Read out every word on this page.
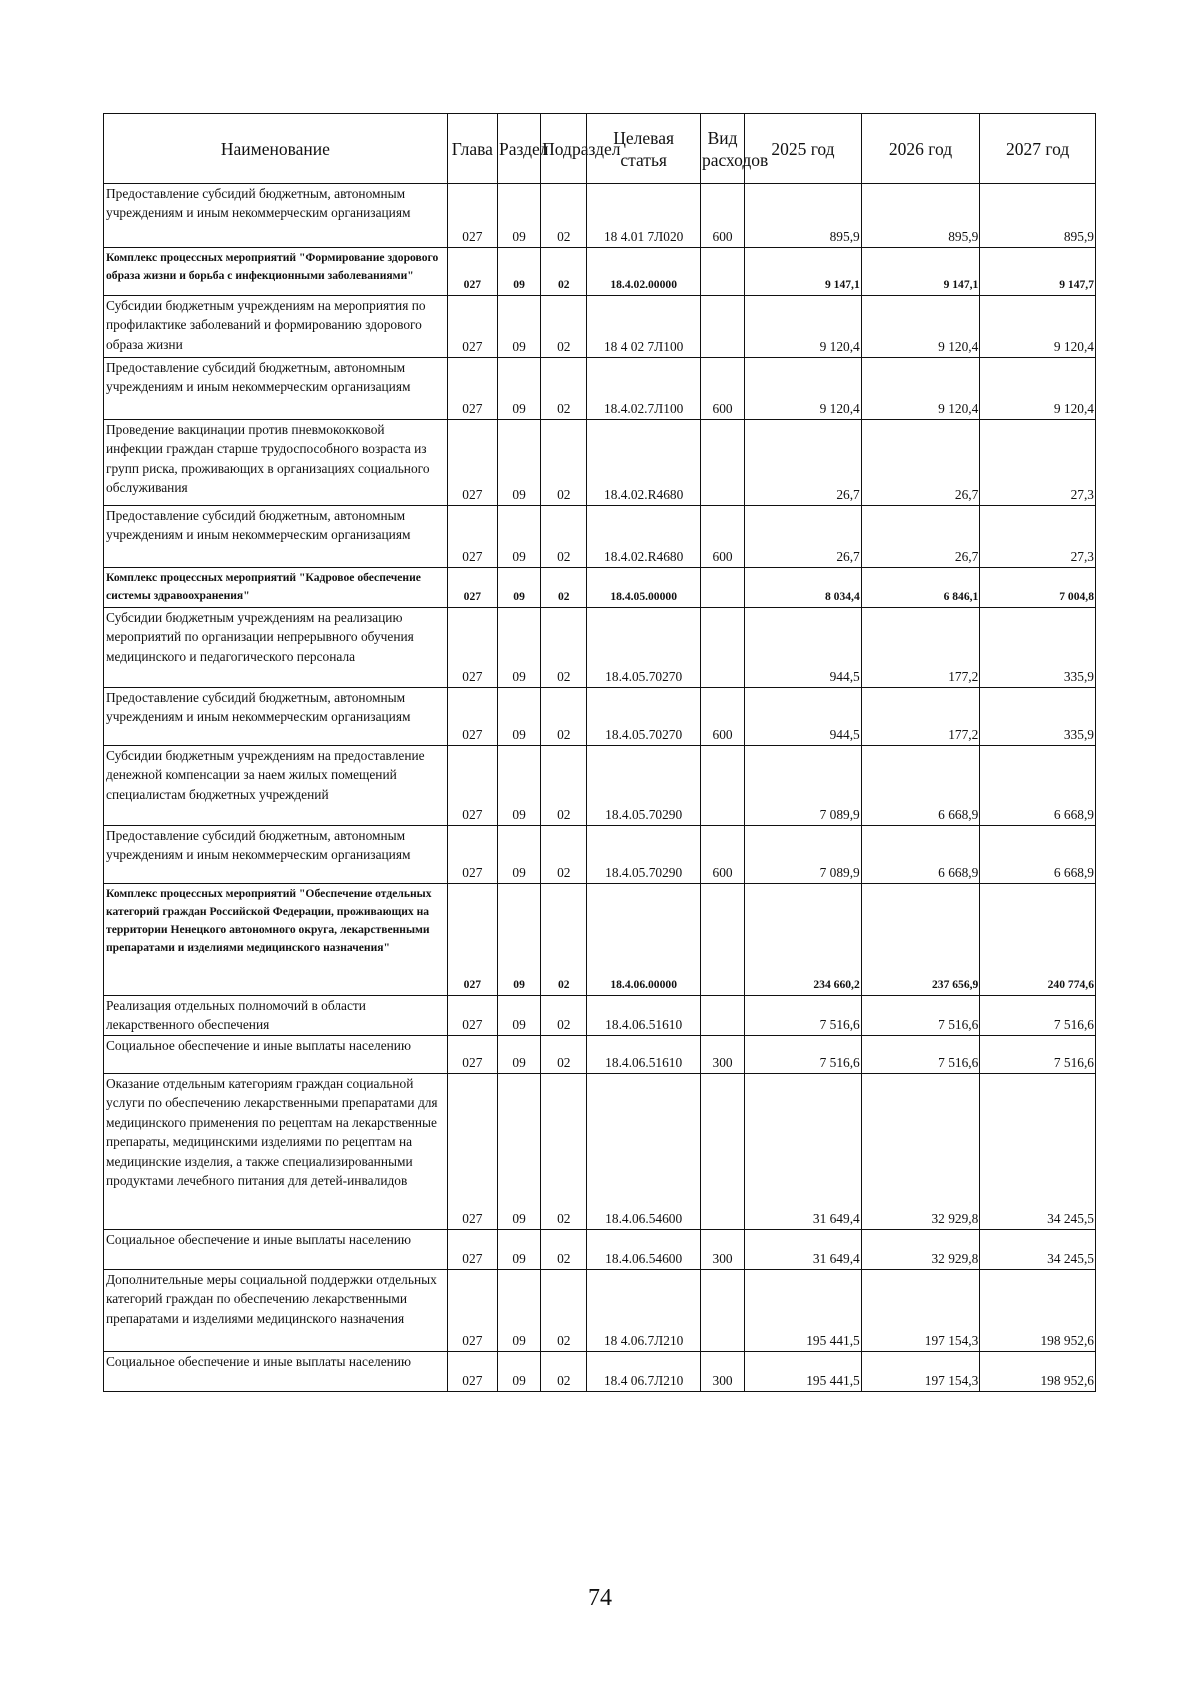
Наименование	Глава	Раздел	Подраздел	Целевая статья	Вид расходов	2025 год	2026 год	2027 год
Предоставление субсидий бюджетным, автономным учреждениям и иным некоммерческим организациям	027	09	02	18 4.01 7Л020	600	895,9	895,9	895,9
Комплекс процессных мероприятий "Формирование здорового образа жизни и борьба с инфекционными заболеваниями"	027	09	02	18.4.02.00000		9 147,1	9 147,1	9 147,7
Субсидии бюджетным учреждениям на мероприятия по профилактике заболеваний и формированию здорового образа жизни	027	09	02	18 4 02 7Л100		9 120,4	9 120,4	9 120,4
Предоставление субсидий бюджетным, автономным учреждениям и иным некоммерческим организациям	027	09	02	18.4.02.7Л100	600	9 120,4	9 120,4	9 120,4
Проведение вакцинации против пневмококковой инфекции граждан старше трудоспособного возраста из групп риска, проживающих в организациях социального обслуживания	027	09	02	18.4.02.R4680		26,7	26,7	27,3
Предоставление субсидий бюджетным, автономным учреждениям и иным некоммерческим организациям	027	09	02	18.4.02.R4680	600	26,7	26,7	27,3
Комплекс процессных мероприятий "Кадровое обеспечение системы здравоохранения"	027	09	02	18.4.05.00000		8 034,4	6 846,1	7 004,8
Субсидии бюджетным учреждениям на реализацию мероприятий по организации непрерывного обучения медицинского и педагогического персонала	027	09	02	18.4.05.70270		944,5	177,2	335,9
Предоставление субсидий бюджетным, автономным учреждениям и иным некоммерческим организациям	027	09	02	18.4.05.70270	600	944,5	177,2	335,9
Субсидии бюджетным учреждениям на предоставление денежной компенсации за наем жилых помещений специалистам бюджетных учреждений	027	09	02	18.4.05.70290		7 089,9	6 668,9	6 668,9
Предоставление субсидий бюджетным, автономным учреждениям и иным некоммерческим организациям	027	09	02	18.4.05.70290	600	7 089,9	6 668,9	6 668,9
Комплекс процессных мероприятий "Обеспечение отдельных категорий граждан Российской Федерации, проживающих на территории Ненецкого автономного округа, лекарственными препаратами и изделиями медицинского назначения"	027	09	02	18.4.06.00000		234 660,2	237 656,9	240 774,6
Реализация отдельных полномочий в области лекарственного обеспечения	027	09	02	18.4.06.51610		7 516,6	7 516,6	7 516,6
Социальное обеспечение и иные выплаты населению	027	09	02	18.4.06.51610	300	7 516,6	7 516,6	7 516,6
Оказание отдельным категориям граждан социальной услуги по обеспечению лекарственными препаратами для медицинского применения по рецептам на лекарственные препараты, медицинскими изделиями по рецептам на медицинские изделия, а также специализированными продуктами лечебного питания для детей-инвалидов	027	09	02	18.4.06.54600		31 649,4	32 929,8	34 245,5
Социальное обеспечение и иные выплаты населению	027	09	02	18.4.06.54600	300	31 649,4	32 929,8	34 245,5
Дополнительные меры социальной поддержки отдельных категорий граждан по обеспечению лекарственными препаратами и изделиями медицинского назначения	027	09	02	18 4.06.7Л210		195 441,5	197 154,3	198 952,6
Социальное обеспечение и иные выплаты населению	027	09	02	18.4 06.7Л210	300	195 441,5	197 154,3	198 952,6
74
